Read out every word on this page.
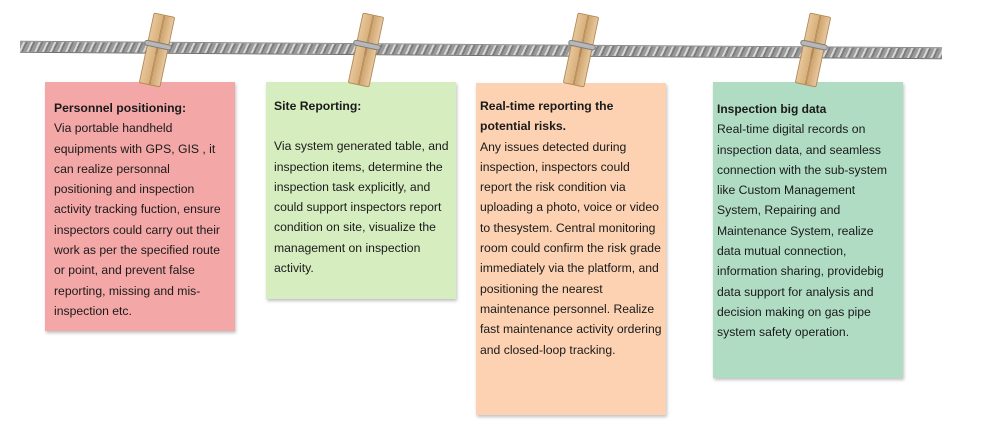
Personnel positioning:
Via portable handheld equipments with GPS, GIS , it can realize personnal positioning and inspection activity tracking fuction, ensure inspectors could carry out their work as per the specified route or point, and prevent false reporting, missing and mis-inspection etc.
Site Reporting:
Via system generated table, and inspection items, determine the inspection task explicitly, and could support inspectors report condition on site, visualize the management on inspection activity.
Real-time reporting the potential risks.
Any issues detected during inspection, inspectors could report the risk condition via uploading a photo, voice or video to thesystem. Central monitoring room could confirm the risk grade immediately via the platform, and positioning the nearest maintenance personnel. Realize fast maintenance activity ordering and closed-loop tracking.
Inspection big data
Real-time digital records on inspection data, and seamless connection with the sub-system like Custom Management System, Repairing and Maintenance System, realize data mutual connection, information sharing, providebig data support for analysis and decision making on gas pipe system safety operation.
